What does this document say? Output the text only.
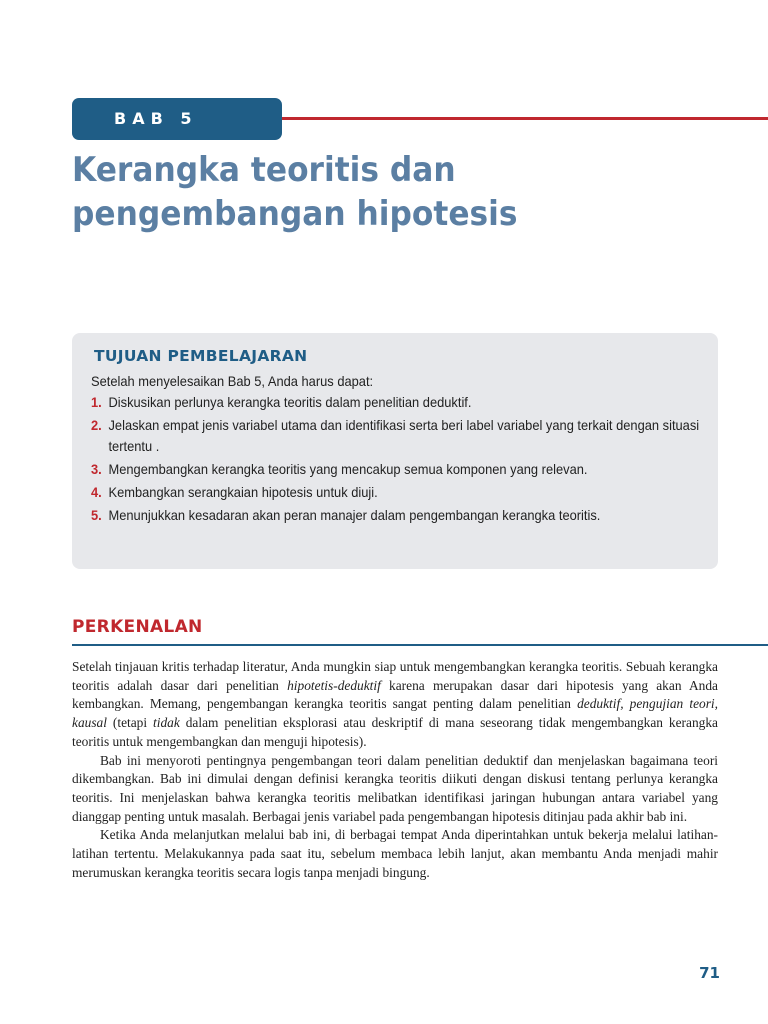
BAB 5
Kerangka teoritis dan pengembangan hipotesis
TUJUAN PEMBELAJARAN
Setelah menyelesaikan Bab 5, Anda harus dapat:
1. Diskusikan perlunya kerangka teoritis dalam penelitian deduktif.
2. Jelaskan empat jenis variabel utama dan identifikasi serta beri label variabel yang terkait dengan situasi tertentu .
3. Mengembangkan kerangka teoritis yang mencakup semua komponen yang relevan.
4. Kembangkan serangkaian hipotesis untuk diuji.
5. Menunjukkan kesadaran akan peran manajer dalam pengembangan kerangka teoritis.
PERKENALAN

Setelah tinjauan kritis terhadap literatur, Anda mungkin siap untuk mengembangkan kerangka teoritis. Sebuah kerangka teoritis adalah dasar dari penelitian hipotetis-deduktif karena merupakan dasar dari hipotesis yang akan Anda kembangkan. Memang, pengembangan kerangka teoritis sangat penting dalam penelitian deduktif, pengujian teori, kausal (tetapi tidak dalam penelitian eksplorasi atau deskriptif di mana seseorang tidak mengembangkan kerangka teoritis untuk mengembangkan dan menguji hipotesis).

Bab ini menyoroti pentingnya pengembangan teori dalam penelitian deduktif dan menjelaskan bagaimana teori dikembangkan. Bab ini dimulai dengan definisi kerangka teoritis diikuti dengan diskusi tentang perlunya kerangka teoritis. Ini menjelaskan bahwa kerangka teoritis melibatkan identifikasi jaringan hubungan antara variabel yang dianggap penting untuk masalah. Berbagai jenis variabel pada pengembangan hipotesis ditinjau pada akhir bab ini.

Ketika Anda melanjutkan melalui bab ini, di berbagai tempat Anda diperintahkan untuk bekerja melalui latihan-latihan tertentu. Melakukannya pada saat itu, sebelum membaca lebih lanjut, akan membantu Anda menjadi mahir merumuskan kerangka teoritis secara logis tanpa menjadi bingung.

71
